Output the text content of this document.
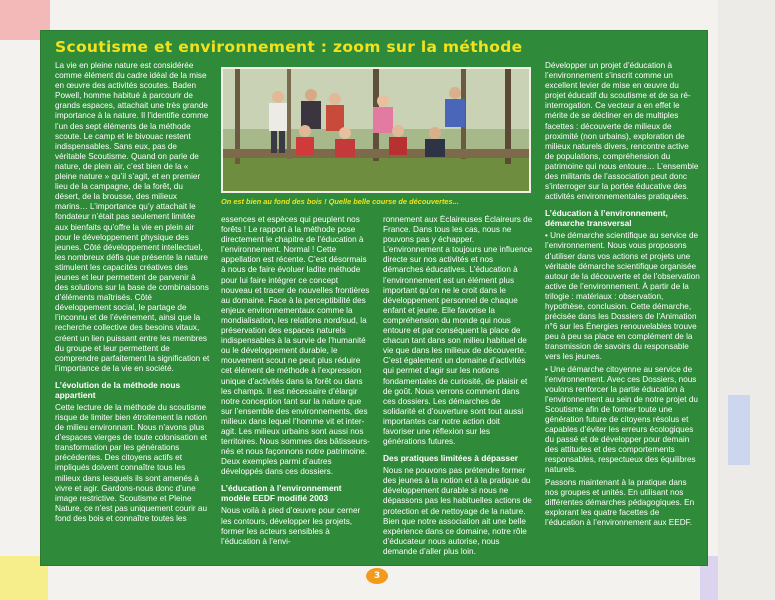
Scoutisme et environnement : zoom sur la méthode

La vie en pleine nature est considérée comme élément du cadre idéal de la mise en œuvre des activités scoutes. Baden Powell, homme habitué à parcourir de grands espaces, attachait une très grande importance à la nature. Il l’identifie comme l’un des sept éléments de la méthode scoute. Le camp et le bivouac restent indispensables. Sans eux, pas de véritable Scoutisme. Quand on parle de nature, de plein air, c’est bien de la « pleine nature » qu’il s’agit, et en premier lieu de la campagne, de la forêt, du désert, de la brousse, des milieux marins… L’importance qu’y attachait le fondateur n’était pas seulement limitée aux bienfaits qu’offre la vie en plein air pour le développement physique des jeunes. Côté développement intellectuel, les nombreux défis que présente la nature stimulent les capacités créatives des jeunes et leur permettent de parvenir à des solutions sur la base de combinaisons d’éléments maîtrisés. Côté développement social, le partage de l’inconnu et de l’événement, ainsi que la recherche collective des besoins vitaux, créent un lien puissant entre les membres du groupe et leur permettent de comprendre parfaitement la signification et l’importance de la vie en société.

L’évolution de la méthode nous appartient

Cette lecture de la méthode du scoutisme risque de limiter bien étroitement la notion de milieu environnant. Nous n’avons plus d’espaces vierges de toute colonisation et transformation par les générations précédentes. Des citoyens actifs et impliqués doivent connaître tous les milieux dans lesquels ils sont amenés à vivre et agir. Gardons-nous donc d’une image restrictive. Scoutisme et Pleine Nature, ce n’est pas uniquement courir au fond des bois et connaître toutes les

On est bien au fond des bois ! Quelle belle course de découvertes...

essences et espèces qui peuplent nos forêts ! Le rapport à la méthode pose directement le chapitre de l’éducation à l’environnement. Normal ! Cette appellation est récente. C’est désormais à nous de faire évoluer ladite méthode pour lui faire intégrer ce concept nouveau et tracer de nouvelles frontières au domaine. Face à la perceptibilité des enjeux environnementaux comme la mondialisation, les relations nord/sud, la préservation des espaces naturels indispensables à la survie de l’humanité ou le développement durable, le mouvement scout ne peut plus réduire cet élément de méthode à l’expression unique d’activités dans la forêt ou dans les champs. Il est nécessaire d’élargir notre conception tant sur la nature que sur l’ensemble des environnements, des milieux dans lequel l’homme vit et inter-agit. Les milieux urbains sont aussi nos territoires. Nous sommes des bâtisseurs-nés et nous façonnons notre patrimoine. Deux exemples parmi d’autres développés dans ces dossiers.

L’éducation à l’environnement modèle EEDF modifié 2003

Nous voilà à pied d’œuvre pour cerner les contours, développer les projets, former les acteurs sensibles à l’éducation à l’envi-

ronnement aux Éclaireuses Éclaireurs de France. Dans tous les cas, nous ne pouvons pas y échapper. L’environnement a toujours une influence directe sur nos activités et nos démarches éducatives. L’éducation à l’environnement est un élément plus important qu’on ne le croit dans le développement personnel de chaque enfant et jeune. Elle favorise la compréhension du monde qui nous entoure et par conséquent la place de chacun tant dans son milieu habituel de vie que dans les milieux de découverte. C’est également un domaine d’activités qui permet d’agir sur les notions fondamentales de curiosité, de plaisir et de goût. Nous verrons comment dans ces dossiers. Les démarches de solidarité et d’ouverture sont tout aussi importantes car notre action doit favoriser une réflexion sur les générations futures.

Des pratiques limitées à dépasser

Nous ne pouvons pas prétendre former des jeunes à la notion et à la pratique du développement durable si nous ne dépassons pas les habituelles actions de protection et de nettoyage de la nature. Bien que notre association ait une belle expérience dans ce domaine, notre rôle d’éducateur nous autorise, nous demande d’aller plus loin.

Développer un projet d’éducation à l’environnement s’inscrit comme un excellent levier de mise en œuvre du projet éducatif du scoutisme et de sa ré-interrogation. Ce vecteur a en effet le mérite de se décliner en de multiples facettes : découverte de milieux de proximité (non urbains), exploration de milieux naturels divers, rencontre active de populations, compréhension du patrimoine qui nous entoure… L’ensemble des militants de l’association peut donc s’interroger sur la portée éducative des activités environnementales pratiquées.

L’éducation à l’environnement, démarche transversal

• Une démarche scientifique au service de l’environnement. Nous vous proposons d’utiliser dans vos actions et projets une véritable démarche scientifique organisée autour de la découverte et de l’observation active de l’environnement. À partir de la trilogie : matériaux : observation, hypothèse, conclusion. Cette démarche, précisée dans les Dossiers de l’Animation n°6 sur les Énergies renouvelables trouve peu à peu sa place en complément de la transmission de savoirs du responsable vers les jeunes.

• Une démarche citoyenne au service de l’environnement. Avec ces Dossiers, nous voulons renforcer la partie éducation à l’environnement au sein de notre projet du Scoutisme afin de former toute une génération future de citoyens résolus et capables d’éviter les erreurs écologiques du passé et de développer pour demain des attitudes et des comportements responsables, respectueux des équilibres naturels.

Passons maintenant à la pratique dans nos groupes et unités. En utilisant nos différentes démarches pédagogiques. En explorant les quatre facettes de l’éducation à l’environnement aux EEDF.

3
